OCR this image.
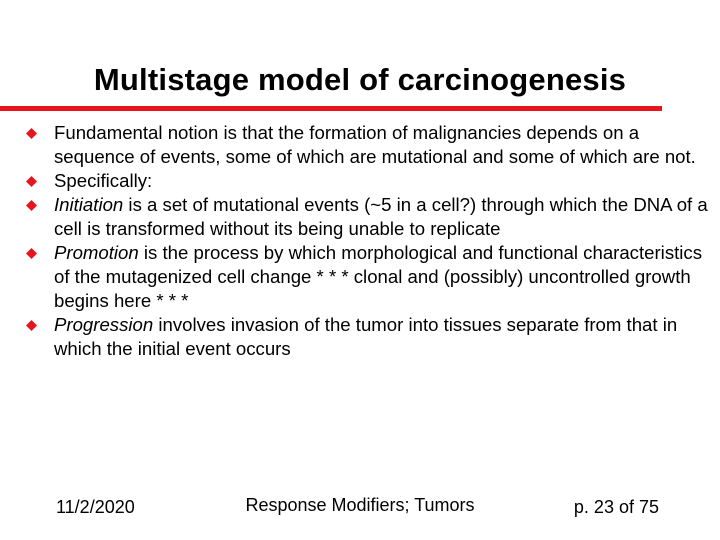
Multistage model of carcinogenesis
Fundamental notion is that the formation of malignancies depends on a sequence of events, some of which are mutational and some of which are not.
Specifically:
Initiation is a set of mutational events (~5 in a cell?) through which the DNA of a cell is transformed without its being unable to replicate
Promotion is the process by which morphological and functional characteristics of the mutagenized cell change * * * clonal and (possibly) uncontrolled growth begins here * * *
Progression involves invasion of the tumor into tissues separate from that in which the initial event occurs
11/2/2020	Response Modifiers; Tumors	p. 23 of 75
